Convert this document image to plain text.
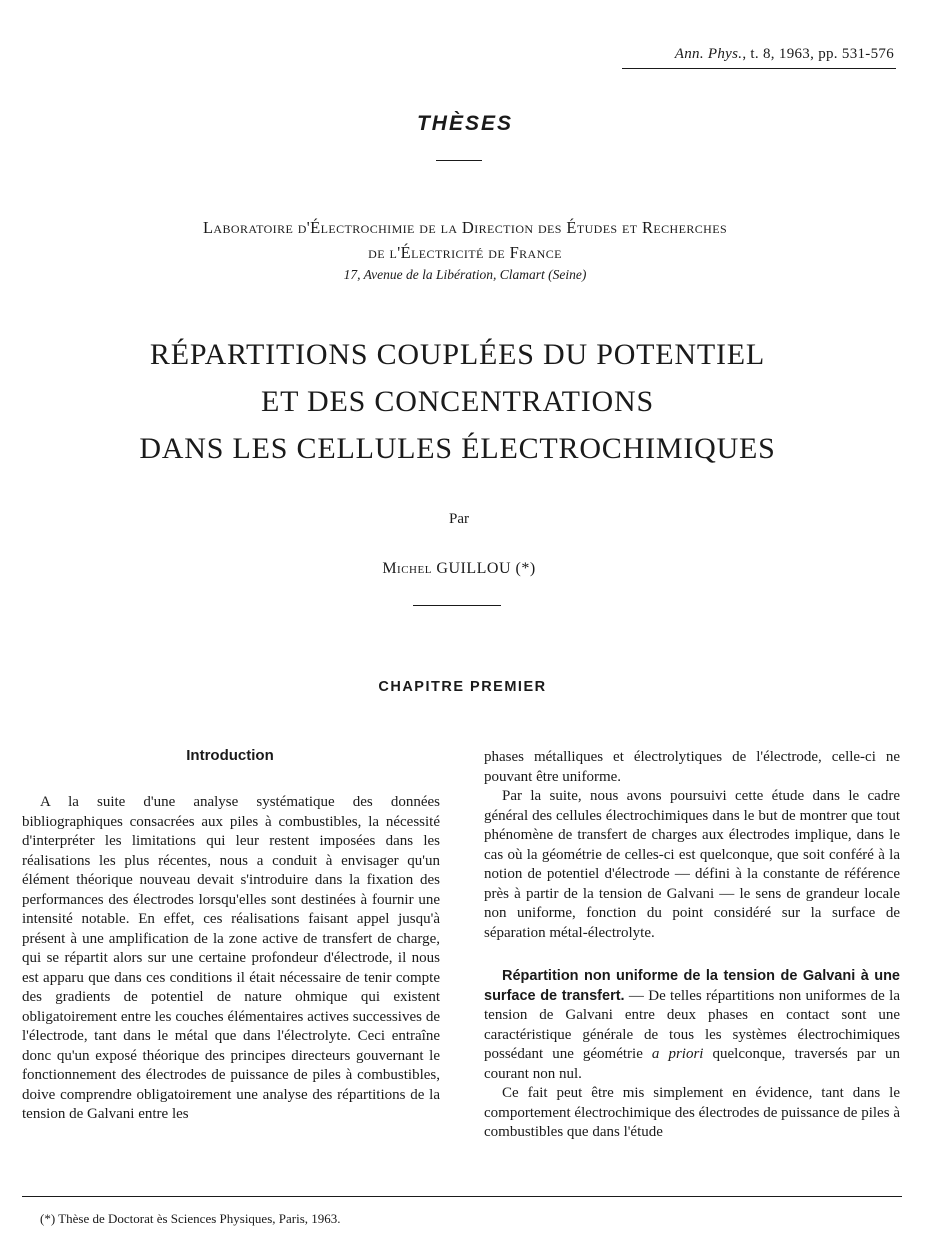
Ann. Phys., t. 8, 1963, pp. 531-576
THÈSES
Laboratoire d'Électrochimie de la Direction des Études et Recherches
de l'Électricité de France
17, Avenue de la Libération, Clamart (Seine)
RÉPARTITIONS COUPLÉES DU POTENTIEL
ET DES CONCENTRATIONS
DANS LES CELLULES ÉLECTROCHIMIQUES
Par
Michel GUILLOU (*)
CHAPITRE PREMIER
Introduction

A la suite d'une analyse systématique des données bibliographiques consacrées aux piles à combustibles, la nécessité d'interpréter les limitations qui leur restent imposées dans les réalisations les plus récentes, nous a conduit à envisager qu'un élément théorique nouveau devait s'introduire dans la fixation des performances des électrodes lorsqu'elles sont destinées à fournir une intensité notable. En effet, ces réalisations faisant appel jusqu'à présent à une amplification de la zone active de transfert de charge, qui se répartit alors sur une certaine profondeur d'électrode, il nous est apparu que dans ces conditions il était nécessaire de tenir compte des gradients de potentiel de nature ohmique qui existent obligatoirement entre les couches élémentaires actives successives de l'électrode, tant dans le métal que dans l'électrolyte. Ceci entraîne donc qu'un exposé théorique des principes directeurs gouvernant le fonctionnement des électrodes de puissance de piles à combustibles, doive comprendre obligatoirement une analyse des répartitions de la tension de Galvani entre les

phases métalliques et électrolytiques de l'électrode, celle-ci ne pouvant être uniforme.

Par la suite, nous avons poursuivi cette étude dans le cadre général des cellules électrochimiques dans le but de montrer que tout phénomène de transfert de charges aux électrodes implique, dans le cas où la géométrie de celles-ci est quelconque, que soit conféré à la notion de potentiel d'électrode — défini à la constante de référence près à partir de la tension de Galvani — le sens de grandeur locale non uniforme, fonction du point considéré sur la surface de séparation métal-électrolyte.

Répartition non uniforme de la tension de Galvani à une surface de transfert. — De telles répartitions non uniformes de la tension de Galvani entre deux phases en contact sont une caractéristique générale de tous les systèmes électrochimiques possédant une géométrie a priori quelconque, traversés par un courant non nul.

Ce fait peut être mis simplement en évidence, tant dans le comportement électrochimique des électrodes de puissance de piles à combustibles que dans l'étude

(*) Thèse de Doctorat ès Sciences Physiques, Paris, 1963.
